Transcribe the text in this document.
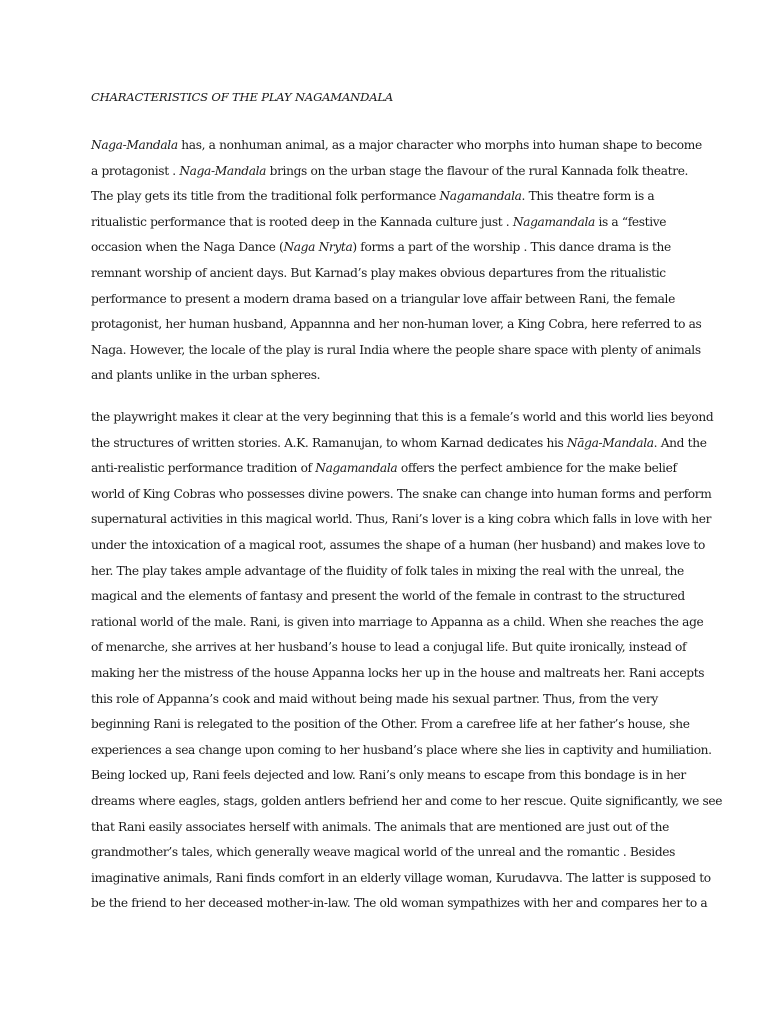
CHARACTERISTICS OF THE PLAY NAGAMANDALA

Naga-Mandala has, a nonhuman animal, as a major character who morphs into human shape to become
a protagonist . Naga-Mandala brings on the urban stage the flavour of the rural Kannada folk theatre.
The play gets its title from the traditional folk performance Nagamandala. This theatre form is a
ritualistic performance that is rooted deep in the Kannada culture just . Nagamandala is a “festive
occasion when the Naga Dance (Naga Nryta) forms a part of the worship . This dance drama is the
remnant worship of ancient days. But Karnad’s play makes obvious departures from the ritualistic
performance to present a modern drama based on a triangular love affair between Rani, the female
protagonist, her human husband, Appannna and her non-human lover, a King Cobra, here referred to as
Naga. However, the locale of the play is rural India where the people share space with plenty of animals
and plants unlike in the urban spheres.
the playwright makes it clear at the very beginning that this is a female’s world and this world lies beyond
the structures of written stories. A.K. Ramanujan, to whom Karnad dedicates his Nāga-Mandala. And the
anti-realistic performance tradition of Nagamandala offers the perfect ambience for the make belief
world of King Cobras who possesses divine powers. The snake can change into human forms and perform
supernatural activities in this magical world. Thus, Rani’s lover is a king cobra which falls in love with her
under the intoxication of a magical root, assumes the shape of a human (her husband) and makes love to
her. The play takes ample advantage of the fluidity of folk tales in mixing the real with the unreal, the
magical and the elements of fantasy and present the world of the female in contrast to the structured
rational world of the male. Rani, is given into marriage to Appanna as a child. When she reaches the age
of menarche, she arrives at her husband’s house to lead a conjugal life. But quite ironically, instead of
making her the mistress of the house Appanna locks her up in the house and maltreats her. Rani accepts
this role of Appanna’s cook and maid without being made his sexual partner. Thus, from the very
beginning Rani is relegated to the position of the Other. From a carefree life at her father’s house, she
experiences a sea change upon coming to her husband’s place where she lies in captivity and humiliation.
Being locked up, Rani feels dejected and low. Rani’s only means to escape from this bondage is in her
dreams where eagles, stags, golden antlers befriend her and come to her rescue. Quite significantly, we see
that Rani easily associates herself with animals. The animals that are mentioned are just out of the
grandmother’s tales, which generally weave magical world of the unreal and the romantic . Besides
imaginative animals, Rani finds comfort in an elderly village woman, Kurudavva. The latter is supposed to
be the friend to her deceased mother-in-law. The old woman sympathizes with her and compares her to a
